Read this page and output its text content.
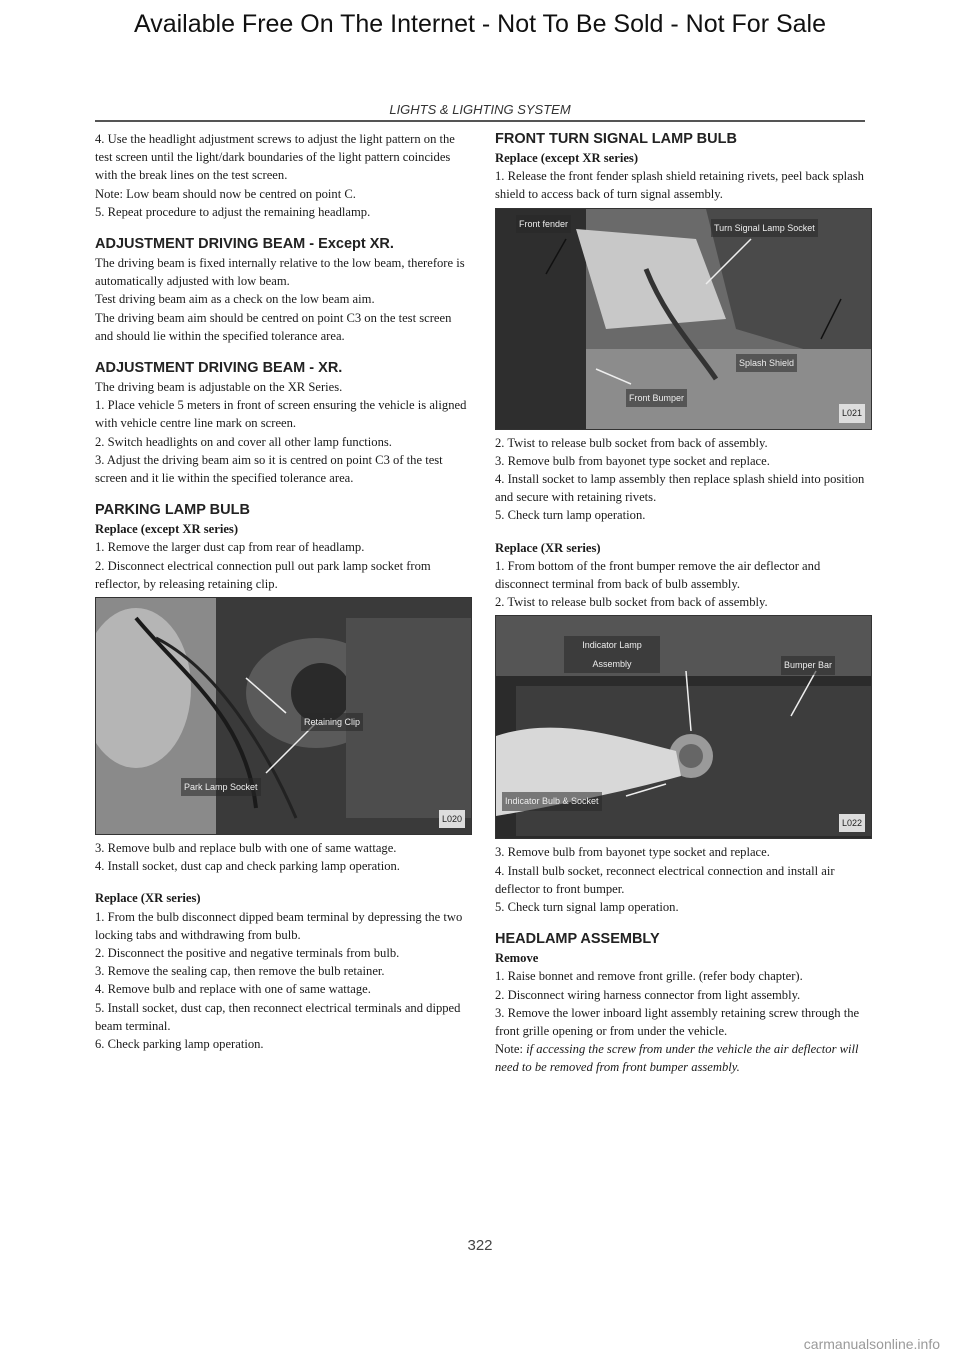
Available Free On The Internet - Not To Be Sold - Not For Sale
LIGHTS & LIGHTING SYSTEM

4. Use the headlight adjustment screws to adjust the light pattern on the test screen until the light/dark boundaries of the light pattern coincides with the break lines on the test screen.

Note: Low beam should now be centred on point C.

5. Repeat procedure to adjust the remaining headlamp.

ADJUSTMENT DRIVING BEAM - Except XR.

The driving beam is fixed internally relative to the low beam, therefore is automatically adjusted with low beam.

Test driving beam aim as a check on the low beam aim.

The driving beam aim should be centred on point C3 on the test screen and should lie within the specified tolerance area.

ADJUSTMENT DRIVING BEAM - XR.

The driving beam is adjustable on the XR Series.

1. Place vehicle 5 meters in front of screen ensuring the vehicle is aligned with vehicle centre line mark on screen.

2. Switch headlights on and cover all other lamp functions.

3. Adjust the driving beam aim so it is centred on point C3 of the test screen and it lie within the specified tolerance area.

PARKING LAMP BULB

Replace (except XR series)

1. Remove the larger dust cap from rear of headlamp.

2. Disconnect electrical connection pull out park lamp socket from reflector, by releasing retaining clip.

Retaining Clip
Park Lamp Socket
L020

3. Remove bulb and replace bulb with one of same wattage.

4. Install socket, dust cap and check parking lamp operation.

Replace (XR series)

1. From the bulb disconnect dipped beam terminal by depressing the two locking tabs and withdrawing from bulb.

2. Disconnect the positive and negative terminals from bulb.

3. Remove the sealing cap, then remove the bulb retainer.

4. Remove bulb and replace with one of same wattage.

5. Install socket, dust cap, then reconnect electrical terminals and dipped beam terminal.

6. Check parking lamp operation.

FRONT TURN SIGNAL LAMP BULB

Replace (except XR series)

1. Release the front fender splash shield retaining rivets, peel back splash shield to access back of turn signal assembly.

Front fender	Turn Signal Lamp Socket
Splash Shield
Front Bumper
L021

2. Twist to release bulb socket from back of assembly.

3. Remove bulb from bayonet type socket and replace.

4. Install socket to lamp assembly then replace splash shield into position and secure with retaining rivets.

5. Check turn lamp operation.

Replace (XR series)

1. From bottom of the front bumper remove the air deflector and disconnect terminal from back of bulb assembly.

2. Twist to release bulb socket from back of assembly.

Indicator Lamp Assembly	Bumper Bar
Indicator Bulb & Socket
L022

3. Remove bulb from bayonet type socket and replace.

4. Install bulb socket, reconnect electrical connection and install air deflector to front bumper.

5. Check turn signal lamp operation.

HEADLAMP ASSEMBLY

Remove

1. Raise bonnet and remove front grille. (refer body chapter).

2. Disconnect wiring harness connector from light assembly.

3. Remove the lower inboard light assembly retaining screw through the front grille opening or from under the vehicle.

Note: if accessing the screw from under the vehicle the air deflector will need to be removed from front bumper assembly.

322
carmanualsonline.info
